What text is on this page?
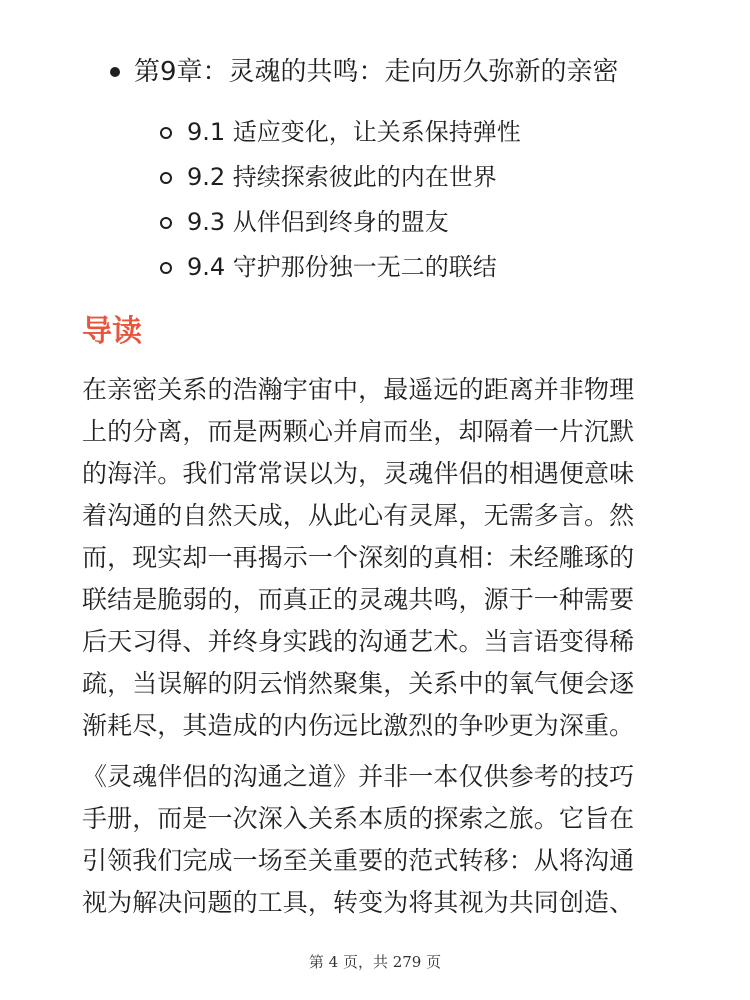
第9章：灵魂的共鸣：走向历久弥新的亲密
9.1 适应变化，让关系保持弹性
9.2 持续探索彼此的内在世界
9.3 从伴侣到终身的盟友
9.4 守护那份独一无二的联结
导读
在亲密关系的浩瀚宇宙中，最遥远的距离并非物理
上的分离，而是两颗心并肩而坐，却隔着一片沉默
的海洋。我们常常误以为，灵魂伴侣的相遇便意味
着沟通的自然天成，从此心有灵犀，无需多言。然
而，现实却一再揭示一个深刻的真相：未经雕琢的
联结是脆弱的，而真正的灵魂共鸣，源于一种需要
后天习得、并终身实践的沟通艺术。当言语变得稀
疏，当误解的阴云悄然聚集，关系中的氧气便会逐
渐耗尽，其造成的内伤远比激烈的争吵更为深重。
《灵魂伴侣的沟通之道》并非一本仅供参考的技巧
手册，而是一次深入关系本质的探索之旅。它旨在
引领我们完成一场至关重要的范式转移：从将沟通
视为解决问题的工具，转变为将其视为共同创造、
第 4 页，共 279 页
